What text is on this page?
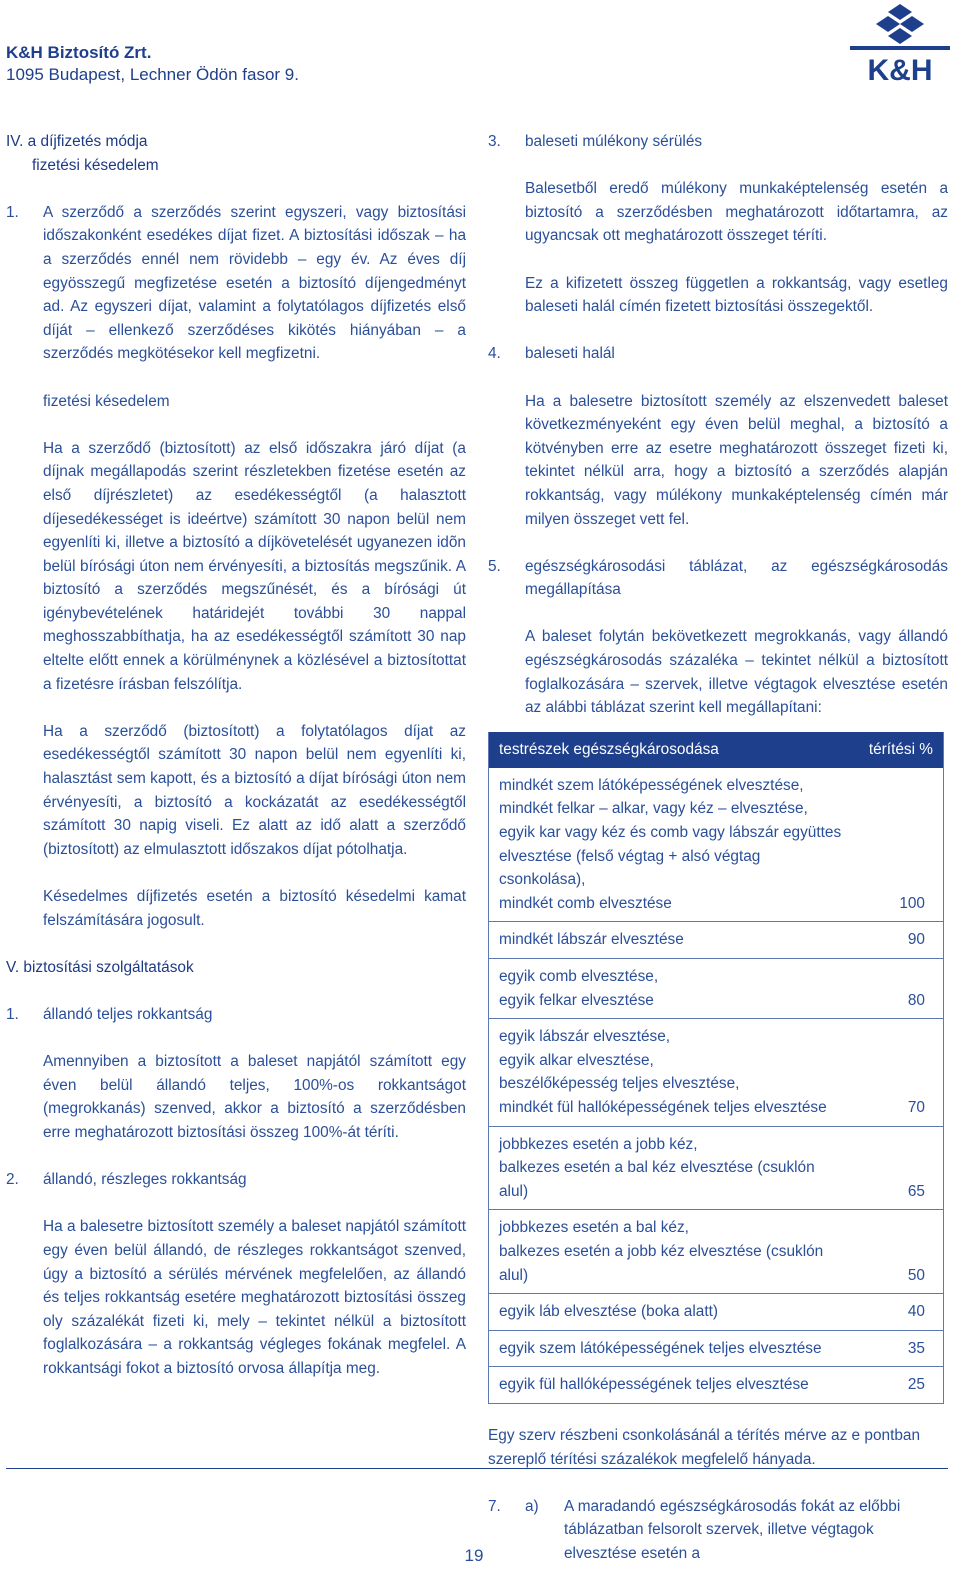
K&H Biztosító Zrt.
1095 Budapest, Lechner Ödön fasor 9.	K&H
IV. a díjfizetés módja
fizetési késedelem
1. A szerződő a szerződés szerint egyszeri, vagy biztosítási időszakonként esedékes díjat fizet. A biztosítási időszak – ha a szerződés ennél nem rövidebb – egy év. Az éves díj egyösszegű megfizetése esetén a biztosító díjengedményt ad. Az egyszeri díjat, valamint a folytatólagos díjfizetés első díját – ellenkező szerződéses kikötés hiányában – a szerződés megkötésekor kell megfizetni.
fizetési késedelem
Ha a szerződő (biztosított) az első időszakra járó díjat (a díjnak megállapodás szerint részletekben fizetése esetén az első díjrészletet) az esedékességtől (a halasztott díjesedékességet is ideértve) számított 30 napon belül nem egyenlíti ki, illetve a biztosító a díjkövetelését ugyanezen idõn belül bírósági úton nem érvényesíti, a biztosítás megszűnik. A biztosító a szerződés megszűnését, és a bírósági út igénybevételének határidejét további 30 nappal meghosszabbíthatja, ha az esedékességtől számított 30 nap eltelte előtt ennek a körülménynek a közlésével a biztosítottat a fizetésre írásban felszólítja.
Ha a szerződő (biztosított) a folytatólagos díjat az esedékességtől számított 30 napon belül nem egyenlíti ki, halasztást sem kapott, és a biztosító a díjat bírósági úton nem érvényesíti, a biztosító a kockázatát az esedékességtől számított 30 napig viseli. Ez alatt az idő alatt a szerződő (biztosított) az elmulasztott időszakos díjat pótolhatja.
Késedelmes díjfizetés esetén a biztosító késedelmi kamat felszámítására jogosult.
V. biztosítási szolgáltatások
1. állandó teljes rokkantság
Amennyiben a biztosított a baleset napjától számított egy éven belül állandó teljes, 100%-os rokkantságot (megrokkanás) szenved, akkor a biztosító a szerződésben erre meghatározott biztosítási összeg 100%-át téríti.
2. állandó, részleges rokkantság
Ha a balesetre biztosított személy a baleset napjától számított egy éven belül állandó, de részleges rokkantságot szenved, úgy a biztosító a sérülés mérvének megfelelően, az állandó és teljes rokkantság esetére meghatározott biztosítási összeg oly százalékát fizeti ki, mely – tekintet nélkül a biztosított foglalkozására – a rokkantság végleges fokának megfelel. A rokkantsági fokot a biztosító orvosa állapítja meg.
3. baleseti múlékony sérülés
Balesetből eredő múlékony munkaképtelenség esetén a biztosító a szerződésben meghatározott időtartamra, az ugyancsak ott meghatározott összeget téríti.
Ez a kifizetett összeg független a rokkantság, vagy esetleg baleseti halál címén fizetett biztosítási összegektől.
4. baleseti halál
Ha a balesetre biztosított személy az elszenvedett baleset következményeként egy éven belül meghal, a biztosító a kötvényben erre az esetre meghatározott összeget fizeti ki, tekintet nélkül arra, hogy a biztosító a szerződés alapján rokkantság, vagy múlékony munkaképtelenség címén már milyen összeget vett fel.
5. egészségkárosodási táblázat, az egészségkárosodás megállapítása
A baleset folytán bekövetkezett megrokkanás, vagy állandó egészségkárosodás százaléka – tekintet nélkül a biztosított foglalkozására – szervek, illetve végtagok elvesztése esetén az alábbi táblázat szerint kell megállapítani:
testrészek egészségkárosodása	térítési %

mindkét szem látóképességének elvesztése,
mindkét felkar – alkar, vagy kéz – elvesztése,
egyik kar vagy kéz és comb vagy lábszár együttes
elvesztése (felső végtag + alsó végtag csonkolása),
mindkét comb elvesztése	100

mindkét lábszár elvesztése	90

egyik comb elvesztése,
egyik felkar elvesztése	80

egyik lábszár elvesztése,
egyik alkar elvesztése,
beszélőképesség teljes elvesztése,
mindkét fül hallóképességének teljes elvesztése	70

jobbkezes esetén a jobb kéz,
balkezes esetén a bal kéz elvesztése (csuklón alul)	65

jobbkezes esetén a bal kéz,
balkezes esetén a jobb kéz elvesztése (csuklón alul)	50

egyik láb elvesztése (boka alatt)	40

egyik szem látóképességének teljes elvesztése	35

egyik fül hallóképességének teljes elvesztése	25
Egy szerv részbeni csonkolásánál a térítés mérve az e pontban szereplő térítési százalékok megfelelő hányada.
7. a) A maradandó egészségkárosodás fokát az előbbi táblázatban felsorolt szervek, illetve végtagok elvesztése esetén a
19
